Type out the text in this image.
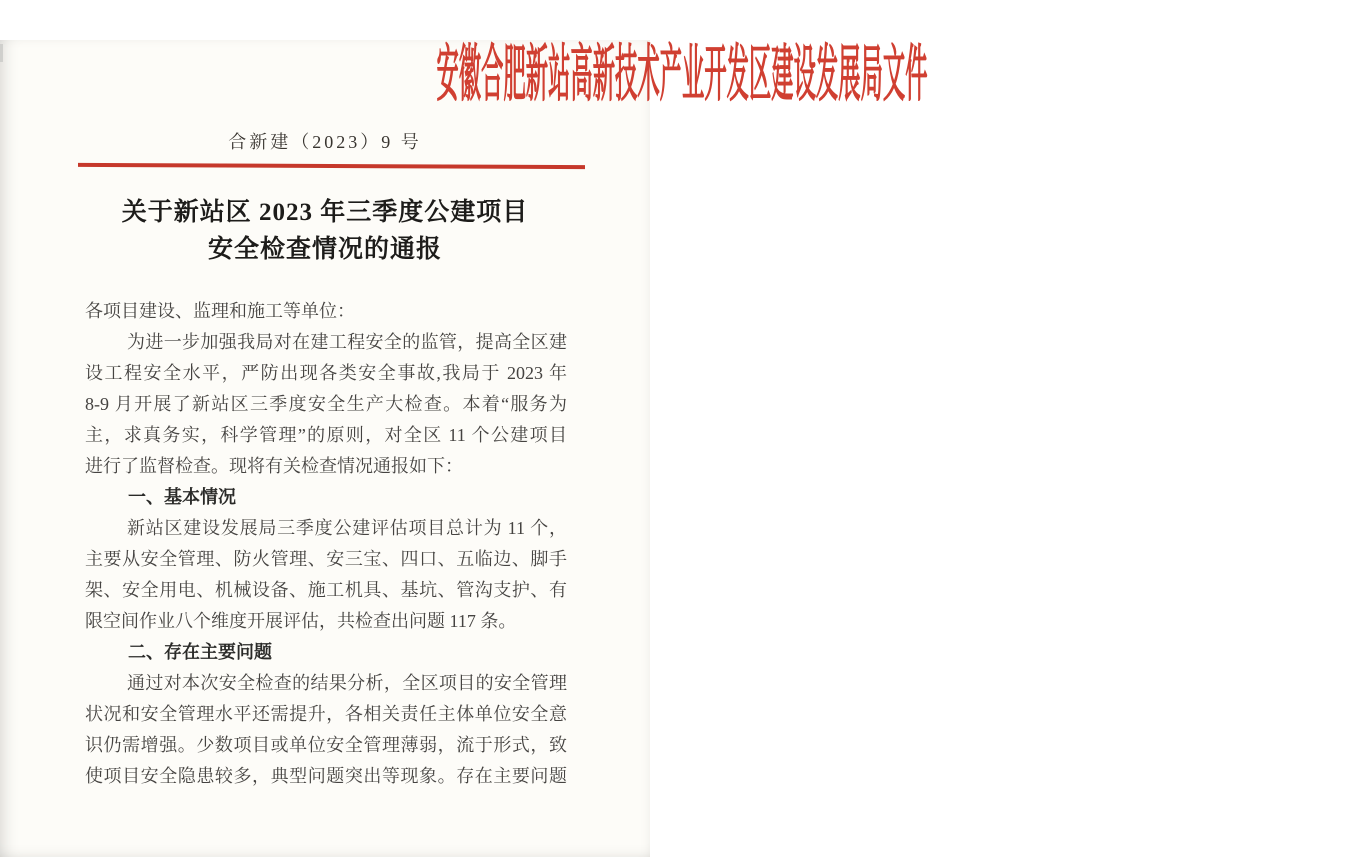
安徽合肥新站高新技术产业开发区建设发展局文件
合新建（2023）9 号
关于新站区 2023 年三季度公建项目
安全检查情况的通报
各项目建设、监理和施工等单位：
为进一步加强我局对在建工程安全的监管，提高全区建
设工程安全水平，严防出现各类安全事故,我局于 2023 年
8-9 月开展了新站区三季度安全生产大检查。本着“服务为
主，求真务实，科学管理”的原则，对全区 11 个公建项目
进行了监督检查。现将有关检查情况通报如下：
一、基本情况
新站区建设发展局三季度公建评估项目总计为 11 个，
主要从安全管理、防火管理、安三宝、四口、五临边、脚手
架、安全用电、机械设备、施工机具、基坑、管沟支护、有
限空间作业八个维度开展评估，共检查出问题 117 条。
二、存在主要问题
通过对本次安全检查的结果分析，全区项目的安全管理
状况和安全管理水平还需提升，各相关责任主体单位安全意
识仍需增强。少数项目或单位安全管理薄弱，流于形式，致
使项目安全隐患较多，典型问题突出等现象。存在主要问题
